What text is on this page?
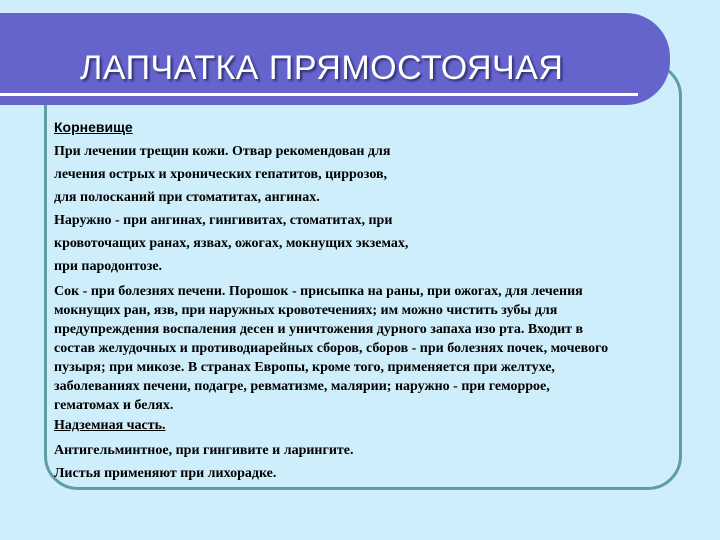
ЛАПЧАТКА ПРЯМОСТОЯЧАЯ
Корневище

При лечении трещин кожи. Отвар рекомендован для

лечения острых и хронических гепатитов, циррозов,

для полосканий при стоматитах, ангинах.

Наружно - при ангинах, гингивитах, стоматитах, при

кровоточащих ранах, язвах, ожогах, мокнущих экземах,

при пародонтозе.

Сок - при болезнях печени. Порошок - присыпка на раны, при ожогах, для лечения мокнущих ран, язв, при наружных кровотечениях; им можно чистить зубы для предупреждения воспаления десен и уничтожения дурного запаха изо рта. Входит в состав желудочных и противодиарейных сборов, сборов - при болезнях почек, мочевого пузыря; при микозе. В странах Европы, кроме того, применяется при желтухе, заболеваниях печени, подагре, ревматизме, малярии; наружно - при геморрое, гематомах и белях.

Надземная часть.

Антигельминтное, при гингивите и ларингите.

Листья применяют при лихорадке.
